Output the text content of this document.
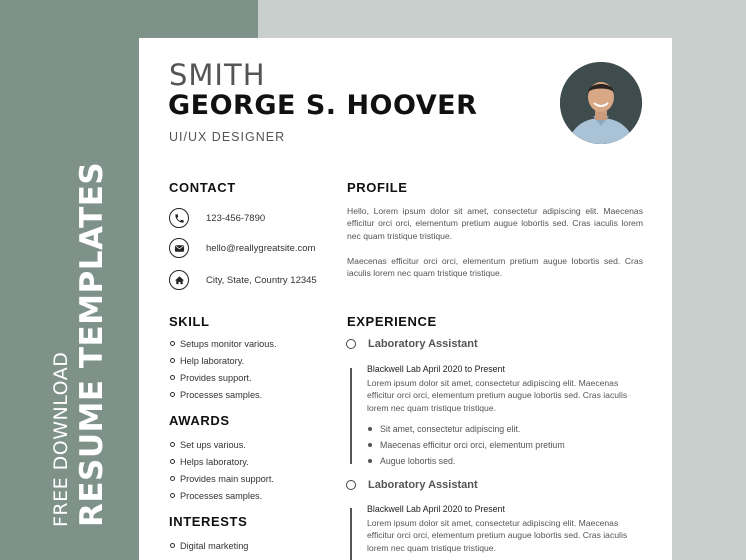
FREE DOWNLOAD RESUME TEMPLATES
SMITH
GEORGE S. HOOVER
UI/UX DESIGNER
CONTACT
123-456-7890
hello@reallygreatsite.com
City, State, Country 12345
PROFILE
Hello, Lorem ipsum dolor sit amet, consectetur adipiscing elit. Maecenas efficitur orci orci, elementum pretium augue lobortis sed. Cras iaculis lorem nec quam tristique tristique.
Maecenas efficitur orci orci, elementum pretium augue lobortis sed. Cras iaculis lorem nec quam tristique tristique.
SKILL
Setups monitor various.
Help laboratory.
Provides support.
Processes samples.
AWARDS
Set ups various.
Helps laboratory.
Provides main support.
Processes samples.
INTERESTS
Digital marketing
EXPERIENCE
Laboratory Assistant
Blackwell Lab April 2020 to Present
Lorem ipsum dolor sit amet, consectetur adipiscing elit. Maecenas efficitur orci orci, elementum pretium augue lobortis sed. Cras iaculis lorem nec quam tristique tristique.
Sit amet, consectetur adipiscing elit.
Maecenas efficitur orci orci, elementum pretium
Augue lobortis sed.
Laboratory Assistant
Blackwell Lab April 2020 to Present
Lorem ipsum dolor sit amet, consectetur adipiscing elit. Maecenas efficitur orci orci, elementum pretium augue lobortis sed. Cras iaculis lorem nec quam tristique tristique.
